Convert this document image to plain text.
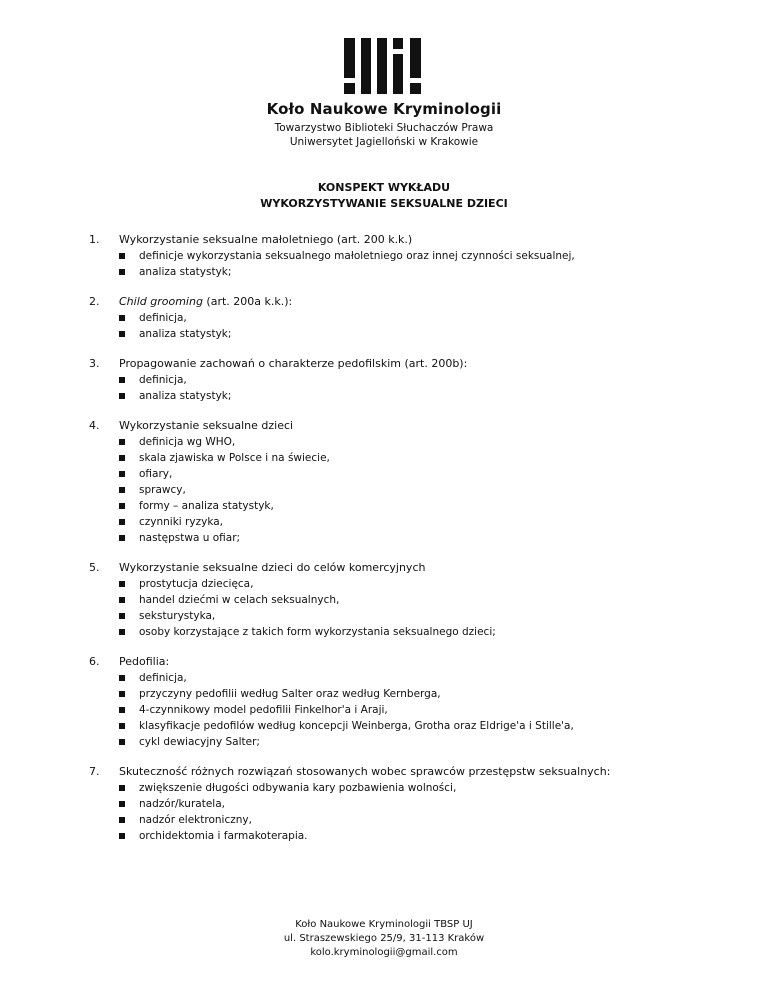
Koło Naukowe Kryminologii
Towarzystwo Biblioteki Słuchaczów Prawa
Uniwersytet Jagielloński w Krakowie
KONSPEKT WYKŁADU
WYKORZYSTYWANIE SEKSUALNE DZIECI
1.	Wykorzystanie seksualne małoletniego (art. 200 k.k.)
definicje wykorzystania seksualnego małoletniego oraz innej czynności seksualnej,
analiza statystyk;
2.	Child grooming (art. 200a k.k.):
definicja,
analiza statystyk;
3.	Propagowanie zachowań o charakterze pedofilskim (art. 200b):
definicja,
analiza statystyk;
4.	Wykorzystanie seksualne dzieci
definicja wg WHO,
skala zjawiska w Polsce i na świecie,
ofiary,
sprawcy,
formy – analiza statystyk,
czynniki ryzyka,
następstwa u ofiar;
5.	Wykorzystanie seksualne dzieci do celów komercyjnych
prostytucja dziecięca,
handel dziećmi w celach seksualnych,
seksturystyka,
osoby korzystające z takich form wykorzystania seksualnego dzieci;
6.	Pedofilia:
definicja,
przyczyny pedofilii według Salter oraz według Kernberga,
4-czynnikowy model pedofilii Finkelhor'a i Araji,
klasyfikacje pedofilów według koncepcji Weinberga, Grotha oraz Eldrige'a i Stille'a,
cykl dewiacyjny Salter;
7.	Skuteczność różnych rozwiązań stosowanych wobec sprawców przestępstw seksualnych:
zwiększenie długości odbywania kary pozbawienia wolności,
nadzór/kuratela,
nadzór elektroniczny,
orchidektomia i farmakoterapia.
Koło Naukowe Kryminologii TBSP UJ
ul. Straszewskiego 25/9, 31-113 Kraków
kolo.kryminologii@gmail.com
